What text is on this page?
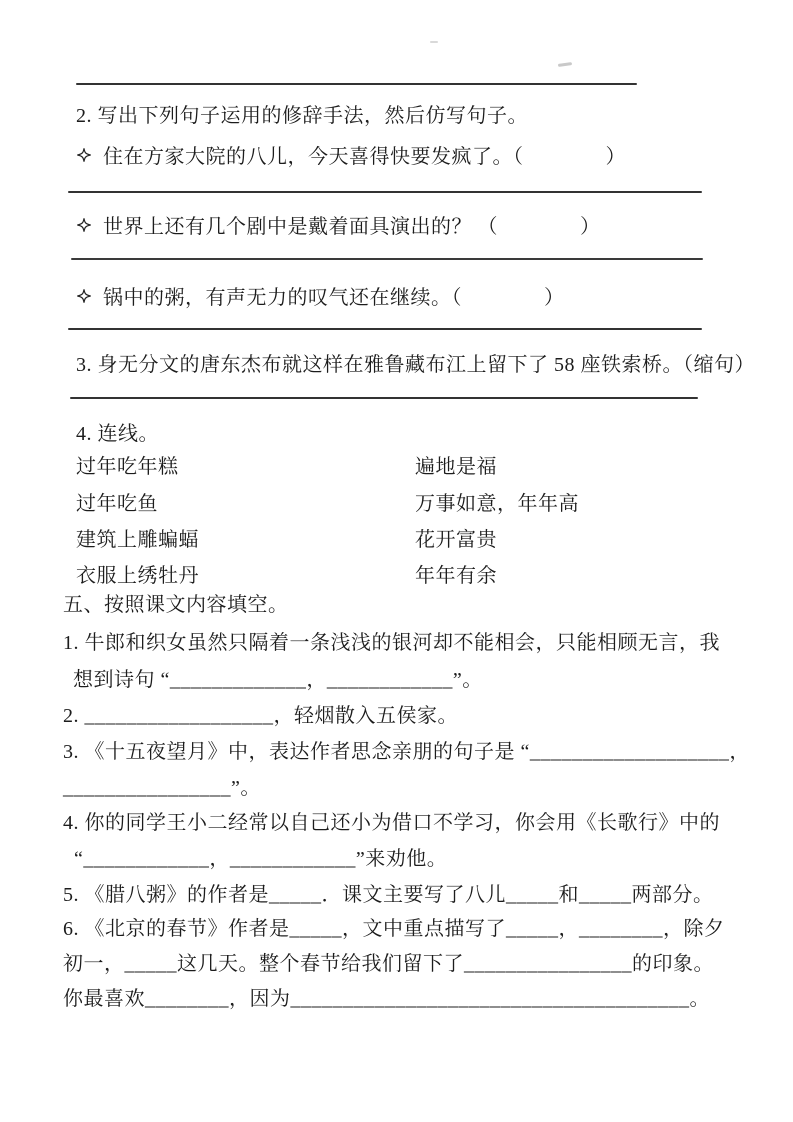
2. 写出下列句子运用的修辞手法，然后仿写句子。
住在方家大院的八儿，今天喜得快要发疯了。（　　　　）
世界上还有几个剧中是戴着面具演出的？ （　　　　）
锅中的粥，有声无力的叹气还在继续。（　　　　）
3. 身无分文的唐东杰布就这样在雅鲁藏布江上留下了 58 座铁索桥。（缩句）
4. 连线。
过年吃年糕	遍地是福
过年吃鱼	万事如意，年年高
建筑上雕蝙蝠	花开富贵
衣服上绣牡丹	年年有余
五、按照课文内容填空。
1. 牛郎和织女虽然只隔着一条浅浅的银河却不能相会，只能相顾无言，我
想到诗句 “_____________，____________”。
2. __________________，轻烟散入五侯家。
3. 《十五夜望月》中，表达作者思念亲朋的句子是 “___________________，
________________”。
4. 你的同学王小二经常以自己还小为借口不学习，你会用《长歌行》中的
“____________，____________”来劝他。
5. 《腊八粥》的作者是_____．课文主要写了八儿_____和_____两部分。
6. 《北京的春节》作者是_____，文中重点描写了_____，________，除夕
初一，_____这几天。整个春节给我们留下了________________的印象。
你最喜欢________，因为______________________________________。
